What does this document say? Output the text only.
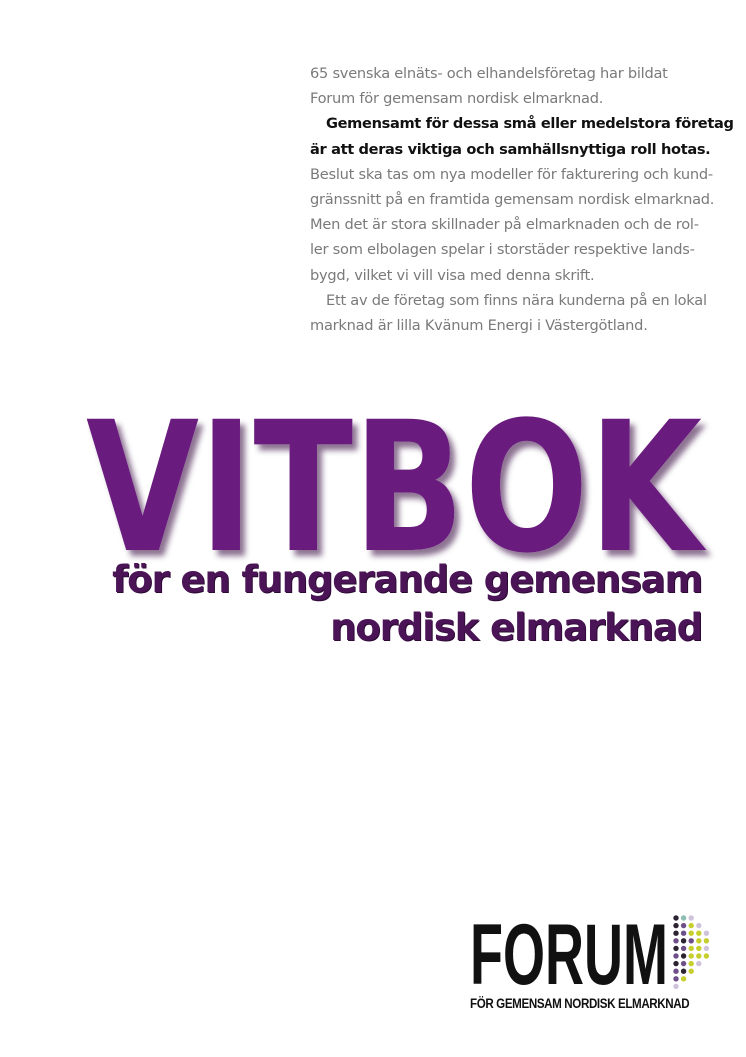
65 svenska elnäts- och elhandelsföretag har bildat
Forum för gemensam nordisk elmarknad.
Gemensamt för dessa små eller medelstora företag
är att deras viktiga och samhällsnyttiga roll hotas.
Beslut ska tas om nya modeller för fakturering och kund-
gränssnitt på en framtida gemensam nordisk elmarknad.
Men det är stora skillnader på elmarknaden och de rol-
ler som elbolagen spelar i storstäder respektive lands-
bygd, vilket vi vill visa med denna skrift.
Ett av de företag som finns nära kunderna på en lokal
marknad är lilla Kvänum Energi i Västergötland.
VITBOK
för en fungerande gemensam
nordisk elmarknad
FORUM
FÖR GEMENSAM NORDISK ELMARKNAD
